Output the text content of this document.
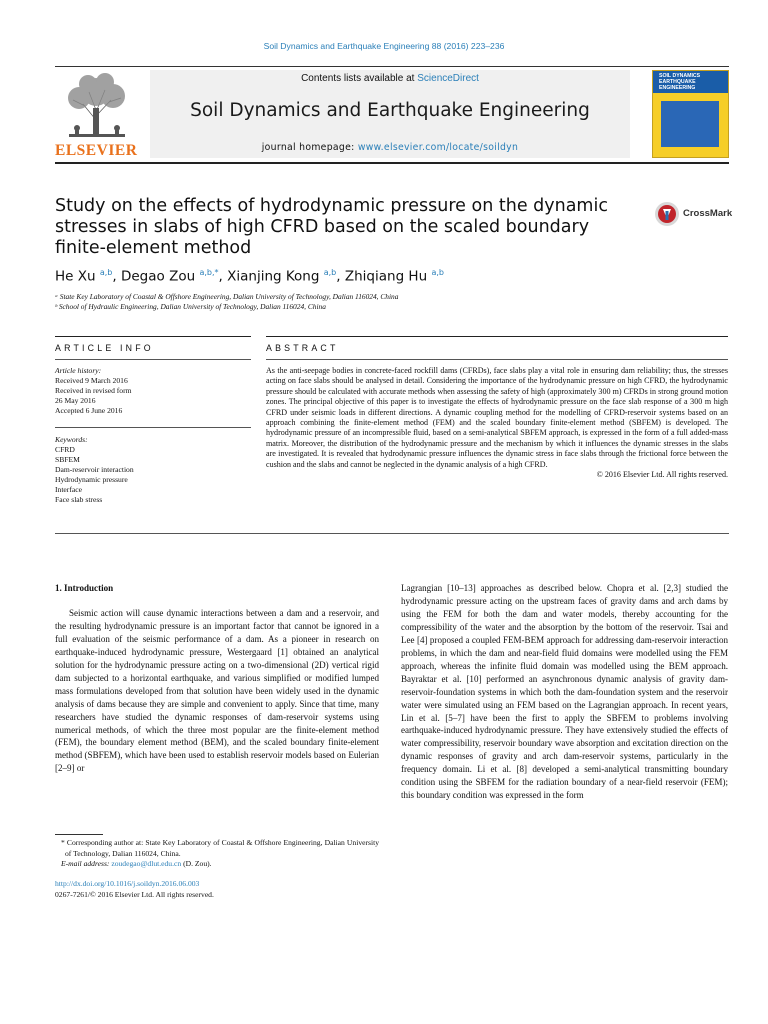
Soil Dynamics and Earthquake Engineering 88 (2016) 223–236
ELSEVIER
Contents lists available at ScienceDirect
Soil Dynamics and Earthquake Engineering
journal homepage: www.elsevier.com/locate/soildyn
SOIL DYNAMICS EARTHQUAKE ENGINEERING
Study on the effects of hydrodynamic pressure on the dynamic stresses in slabs of high CFRD based on the scaled boundary finite-element method
CrossMark
He Xu $^{a,b}$, Degao Zou $^{a,b,*}$, Xianjing Kong $^{a,b}$, Zhiqiang Hu $^{a,b}$
ᵃ State Key Laboratory of Coastal & Offshore Engineering, Dalian University of Technology, Dalian 116024, China
ᵇ School of Hydraulic Engineering, Dalian University of Technology, Dalian 116024, China
ARTICLE INFO	ABSTRACT
Article history:
Received 9 March 2016
Received in revised form
26 May 2016
Accepted 6 June 2016
Keywords:
CFRD
SBFEM
Dam-reservoir interaction
Hydrodynamic pressure
Interface
Face slab stress

As the anti-seepage bodies in concrete-faced rockfill dams (CFRDs), face slabs play a vital role in ensuring dam reliability; thus, the stresses acting on face slabs should be analysed in detail. Considering the importance of the hydrodynamic pressure on high CFRD, the hydrodynamic pressure should be calculated with accurate methods when assessing the safety of high (approximately 300 m) CFRDs in strong ground motion zones. The principal objective of this paper is to investigate the effects of hydrodynamic pressure on the face slab response of a 300 m high CFRD under seismic loads in different directions. A dynamic coupling method for the modelling of CFRD-reservoir systems based on an approach combining the finite-element method (FEM) and the scaled boundary finite-element method (SBFEM) is developed. The hydrodynamic pressure of an incompressible fluid, based on a semi-analytical SBFEM approach, is expressed in the form of a full added-mass matrix. Moreover, the distribution of the hydrodynamic pressure and the mechanism by which it influences the dynamic stresses in the slabs are investigated. It is revealed that hydrodynamic pressure influences the dynamic stress in face slabs through the frictional force between the cushion and the slabs and cannot be neglected in the dynamic analysis of a high CFRD.

© 2016 Elsevier Ltd. All rights reserved.

1. Introduction

Seismic action will cause dynamic interactions between a dam and a reservoir, and the resulting hydrodynamic pressure is an important factor that cannot be ignored in a full evaluation of the seismic performance of a dam. As a pioneer in research on earthquake-induced hydrodynamic pressure, Westergaard [1] obtained an analytical solution for the hydrodynamic pressure acting on a two-dimensional (2D) vertical rigid dam subjected to a horizontal earthquake, and various simplified or modified lumped mass formulations developed from that solution have been widely used in the dynamic analysis of dams because they are simple and convenient to apply. Since that time, many researchers have studied the dynamic responses of dam-reservoir systems using numerical methods, of which the three most popular are the finite-element method (FEM), the boundary element method (BEM), and the scaled boundary finite-element method (SBFEM), which have been used to establish reservoir models based on Eulerian [2–9] or

Lagrangian [10–13] approaches as described below. Chopra et al. [2,3] studied the hydrodynamic pressure acting on the upstream faces of gravity dams and arch dams by using the FEM for both the dam and water models, thereby accounting for the compressibility of the water and the absorption by the bottom of the reservoir. Tsai and Lee [4] proposed a coupled FEM-BEM approach for addressing dam-reservoir interaction problems, in which the dam and near-field fluid domains were modelled using the FEM approach, whereas the infinite fluid domain was modelled using the BEM approach. Bayraktar et al. [10] performed an asynchronous dynamic analysis of gravity dam-reservoir-foundation systems in which both the dam-foundation system and the reservoir water were simulated using an FEM based on the Lagrangian approach. In recent years, Lin et al. [5–7] have been the first to apply the SBFEM to problems involving earthquake-induced hydrodynamic pressure. They have extensively studied the effects of water compressibility, reservoir boundary wave absorption and excitation direction on the dynamic responses of gravity and arch dam-reservoir systems, particularly in the frequency domain. Li et al. [8] developed a semi-analytical transmitting boundary condition using the SBFEM for the radiation boundary of a near-field reservoir (FEM); this boundary condition was expressed in the form

* Corresponding author at: State Key Laboratory of Coastal & Offshore Engineering, Dalian University of Technology, Dalian 116024, China.

E-mail address: zoudegao@dlut.edu.cn (D. Zou).

http://dx.doi.org/10.1016/j.soildyn.2016.06.003
0267-7261/© 2016 Elsevier Ltd. All rights reserved.
